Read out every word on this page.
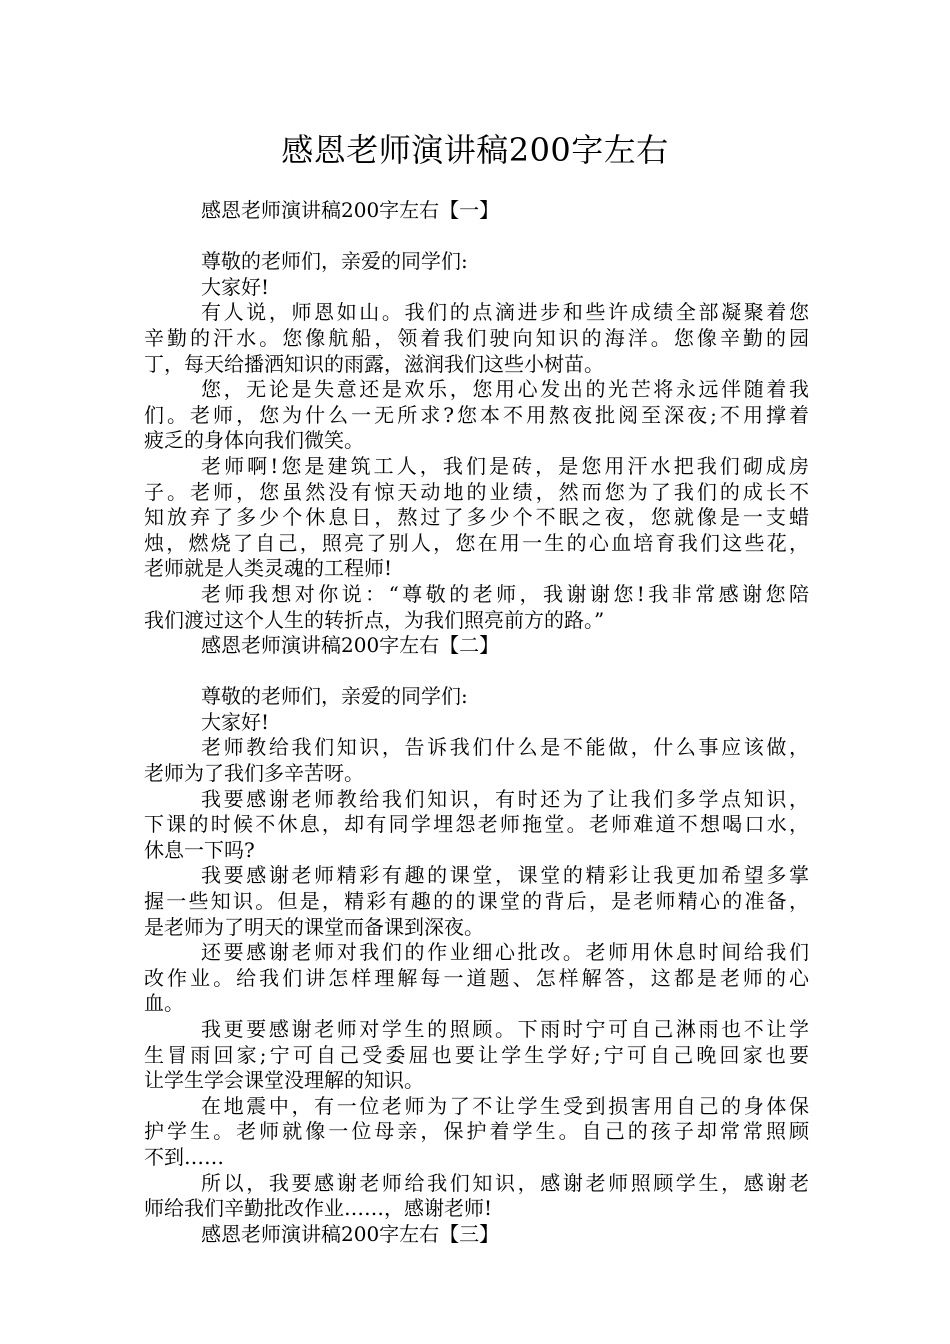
感恩老师演讲稿200字左右
感恩老师演讲稿200字左右【一】
尊敬的老师们，亲爱的同学们:
大家好!
有人说，师恩如山。我们的点滴进步和些许成绩全部凝聚着您
辛勤的汗水。您像航船，领着我们驶向知识的海洋。您像辛勤的园
丁，每天给播洒知识的雨露，滋润我们这些小树苗。
您，无论是失意还是欢乐，您用心发出的光芒将永远伴随着我
们。老师，您为什么一无所求?您本不用熬夜批阅至深夜;不用撑着
疲乏的身体向我们微笑。
老师啊!您是建筑工人，我们是砖，是您用汗水把我们砌成房
子。老师，您虽然没有惊天动地的业绩，然而您为了我们的成长不
知放弃了多少个休息日，熬过了多少个不眠之夜，您就像是一支蜡
烛，燃烧了自己，照亮了别人，您在用一生的心血培育我们这些花，
老师就是人类灵魂的工程师!
老师我想对你说：“尊敬的老师，我谢谢您!我非常感谢您陪
我们渡过这个人生的转折点，为我们照亮前方的路。”
感恩老师演讲稿200字左右【二】
尊敬的老师们，亲爱的同学们:
大家好!
老师教给我们知识，告诉我们什么是不能做，什么事应该做，
老师为了我们多辛苦呀。
我要感谢老师教给我们知识，有时还为了让我们多学点知识，
下课的时候不休息，却有同学埋怨老师拖堂。老师难道不想喝口水，
休息一下吗?
我要感谢老师精彩有趣的课堂，课堂的精彩让我更加希望多掌
握一些知识。但是，精彩有趣的的课堂的背后，是老师精心的准备，
是老师为了明天的课堂而备课到深夜。
还要感谢老师对我们的作业细心批改。老师用休息时间给我们
改作业。给我们讲怎样理解每一道题、怎样解答，这都是老师的心
血。
我更要感谢老师对学生的照顾。下雨时宁可自己淋雨也不让学
生冒雨回家;宁可自己受委屈也要让学生学好;宁可自己晚回家也要
让学生学会课堂没理解的知识。
在地震中，有一位老师为了不让学生受到损害用自己的身体保
护学生。老师就像一位母亲，保护着学生。自己的孩子却常常照顾
不到……
所以，我要感谢老师给我们知识，感谢老师照顾学生，感谢老
师给我们辛勤批改作业……，感谢老师!
感恩老师演讲稿200字左右【三】
